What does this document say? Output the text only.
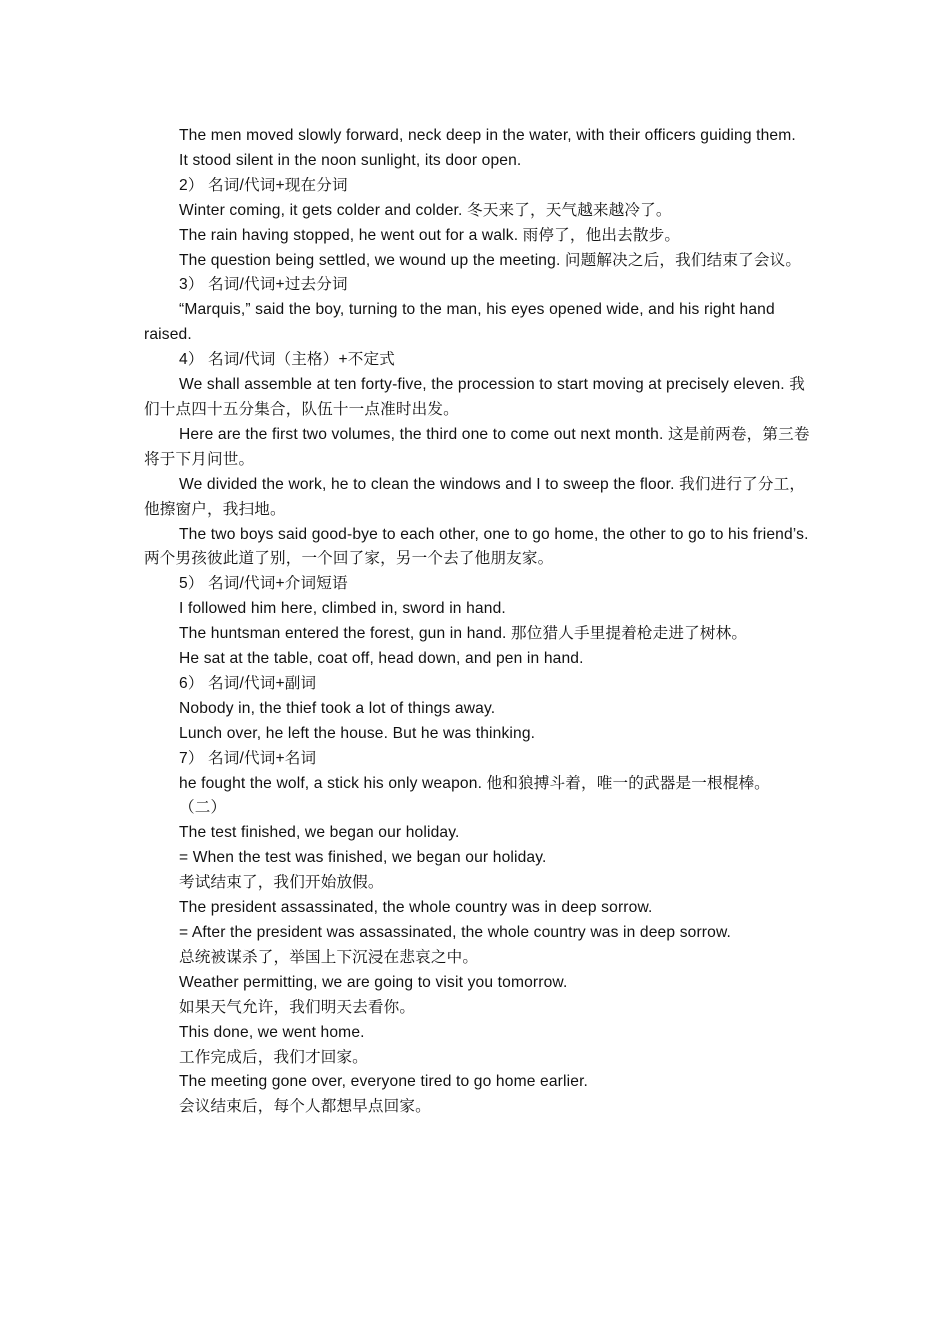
The men moved slowly forward, neck deep in the water, with their officers guiding them.

It stood silent in the noon sunlight, its door open.

2） 名词/代词+现在分词

Winter coming, it gets colder and colder. 冬天来了，天气越来越冷了。

The rain having stopped, he went out for a walk. 雨停了，他出去散步。

The question being settled, we wound up the meeting. 问题解决之后，我们结束了会议。

3） 名词/代词+过去分词

“Marquis,” said the boy, turning to the man, his eyes opened wide, and his right hand raised.

4） 名词/代词（主格）+不定式

We shall assemble at ten forty-five, the procession to start moving at precisely eleven. 我们十点四十五分集合，队伍十一点准时出发。

Here are the first two volumes, the third one to come out next month. 这是前两卷，第三卷将于下月问世。

We divided the work, he to clean the windows and I to sweep the floor. 我们进行了分工，他擦窗户，我扫地。

The two boys said good-bye to each other, one to go home, the other to go to his friend’s. 两个男孩彼此道了别，一个回了家，另一个去了他朋友家。

5） 名词/代词+介词短语

I followed him here, climbed in, sword in hand.

The huntsman entered the forest, gun in hand. 那位猎人手里提着枪走进了树林。

He sat at the table, coat off, head down, and pen in hand.

6） 名词/代词+副词

Nobody in, the thief took a lot of things away.

Lunch over, he left the house. But he was thinking.

7） 名词/代词+名词

he fought the wolf, a stick his only weapon. 他和狼搏斗着，唯一的武器是一根棍棒。

（二）

The test finished, we began our holiday.

= When the test was finished, we began our holiday.

考试结束了，我们开始放假。

The president assassinated, the whole country was in deep sorrow.

= After the president was assassinated, the whole country was in deep sorrow.

总统被谋杀了，举国上下沉浸在悲哀之中。

Weather permitting, we are going to visit you tomorrow.

如果天气允许，我们明天去看你。

This done, we went home.

工作完成后，我们才回家。

The meeting gone over, everyone tired to go home earlier.

会议结束后，每个人都想早点回家。
